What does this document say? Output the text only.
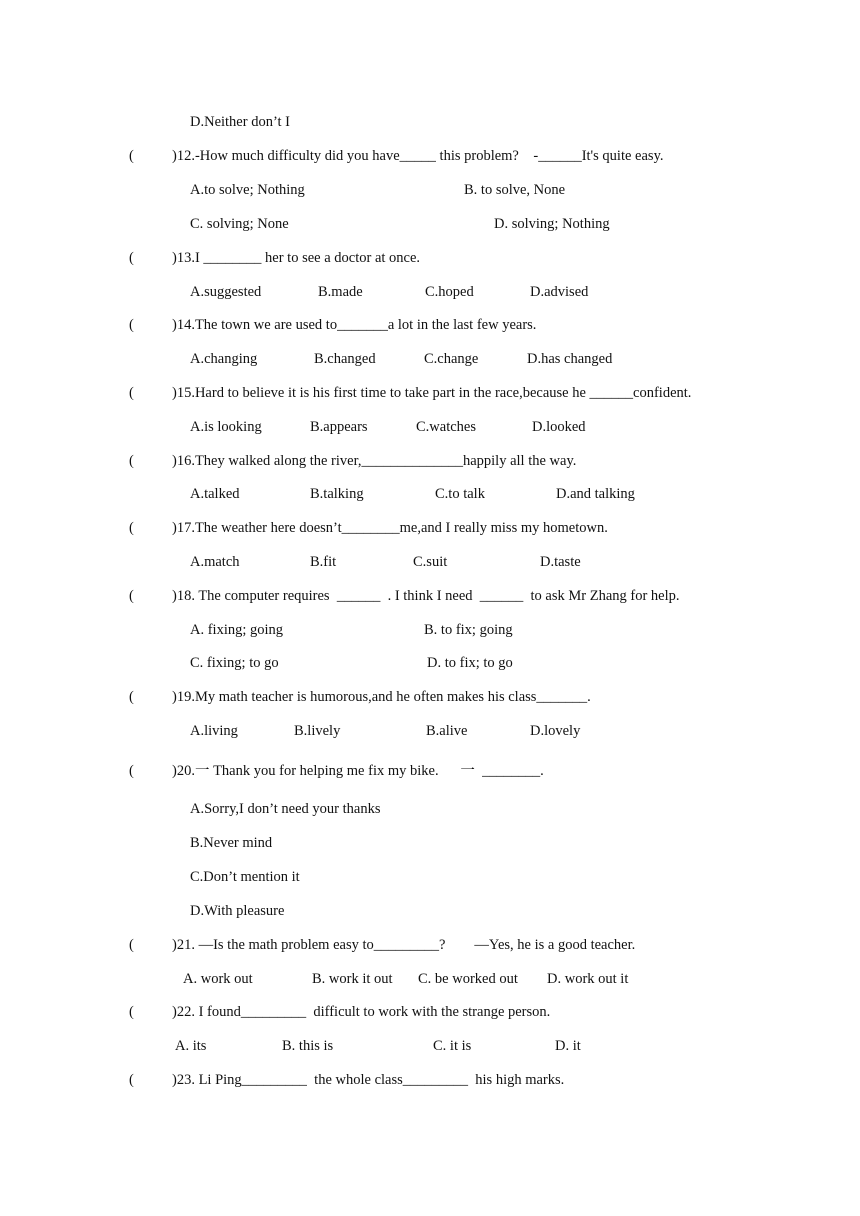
D.Neither don’t I
(	)12.-How much difficulty did you have_____ this problem?    -______It's quite easy.
A.to solve; Nothing	B. to solve, None
C. solving; None	D. solving; Nothing
(	)13.I ________ her to see a doctor at once.
A.suggested	B.made	C.hoped	D.advised
(	)14.The town we are used to_______a lot in the last few years.
A.changing	B.changed	C.change	D.has changed
(	)15.Hard to believe it is his first time to take part in the race,because he ______confident.
A.is looking	B.appears	C.watches	D.looked
(	)16.They walked along the river,______________happily all the way.
A.talked	B.talking	C.to talk	D.and talking
(	)17.The weather here doesn’t________me,and I really miss my hometown.
A.match	B.fit	C.suit	D.taste
(	)18. The computer requires  ______  . I think I need  ______  to ask Mr Zhang for help.
A. fixing; going	B. to fix; going
C. fixing; to go	D. to fix; to go
(	)19.My math teacher is humorous,and he often makes his class_______.
A.living	B.lively	B.alive	D.lovely
(	)20.一 Thank you for helping me fix my bike.      一  ________.
A.Sorry,I don’t need your thanks
B.Never mind
C.Don’t mention it
D.With pleasure
(	)21. —Is the math problem easy to_________?        —Yes, he is a good teacher.
A. work out	B. work it out C. be worked out D. work out it
(	)22. I found_________  difficult to work with the strange person.
A. its	B. this is	C. it is	D. it
(	)23. Li Ping_________  the whole class_________  his high marks.
